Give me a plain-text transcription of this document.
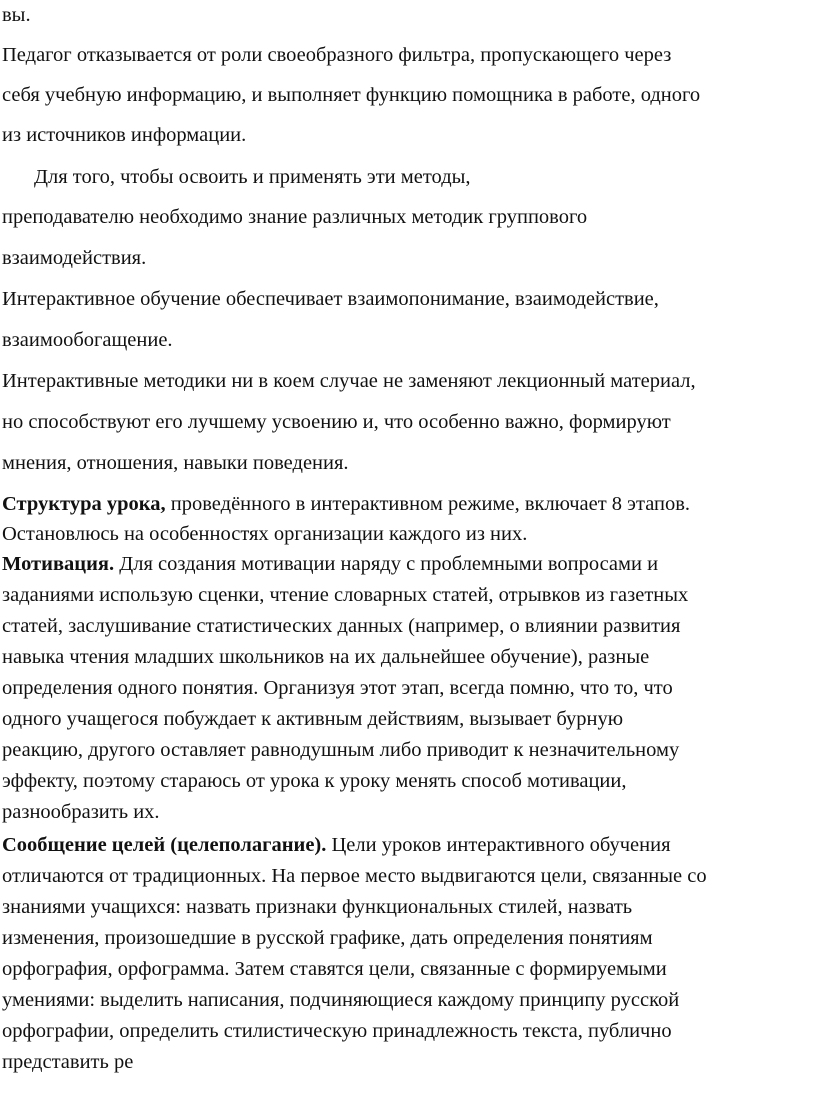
вы.
Педагог отказывается от роли своеобразного фильтра, пропускающего через
себя учебную информацию, и выполняет функцию помощника в работе, одного
из источников информации.
Для того, чтобы освоить и применять эти методы,
преподавателю необходимо знание различных методик группового
взаимодействия.
Интерактивное обучение обеспечивает взаимопонимание, взаимодействие,
взаимообогащение.
Интерактивные методики ни в коем случае не заменяют лекционный материал,
но способствуют его лучшему усвоению и, что особенно важно, формируют
мнения, отношения, навыки поведения.
Структура урока, проведённого в интерактивном режиме, включает 8 этапов.
Остановлюсь на особенностях организации каждого из них.
Мотивация. Для создания мотивации наряду с проблемными вопросами и
заданиями использую сценки, чтение словарных статей, отрывков из газетных
статей, заслушивание статистических данных (например, о влиянии развития
навыка чтения младших школьников на их дальнейшее обучение), разные
определения одного понятия. Организуя этот этап, всегда помню, что то, что
одного учащегося побуждает к активным действиям, вызывает бурную
реакцию, другого оставляет равнодушным либо приводит к незначительному
эффекту, поэтому стараюсь от урока к уроку менять способ мотивации,
разнообразить их.
Сообщение целей (целеполагание). Цели уроков интерактивного обучения
отличаются от традиционных. На первое место выдвигаются цели, связанные со
знаниями учащихся: назвать признаки функциональных стилей, назвать
изменения, произошедшие в русской графике, дать определения понятиям
орфография, орфограмма. Затем ставятся цели, связанные с формируемыми
умениями: выделить написания, подчиняющиеся каждому принципу русской
орфографии, определить стилистическую принадлежность текста, публично
представить ре
